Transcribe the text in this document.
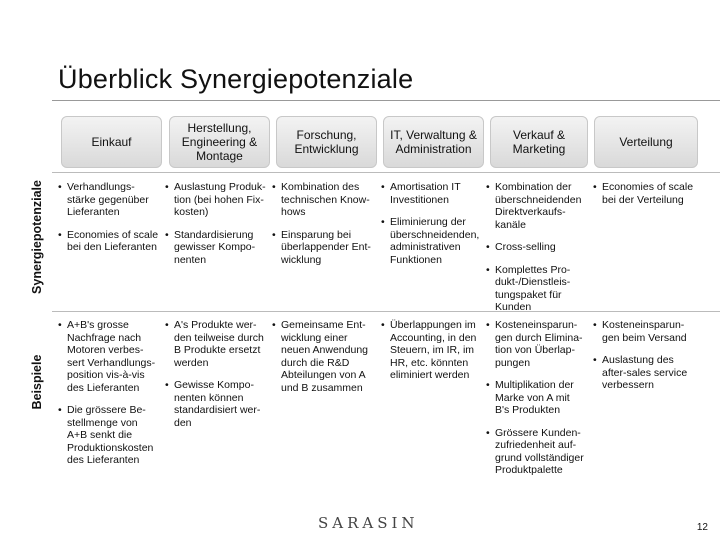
Überblick Synergiepotenziale
Einkauf
Herstellung, Engineering & Montage
Forschung, Entwicklung
IT, Verwaltung & Administration
Verkauf & Marketing	Verteilung
Synergiepotenziale
Beispiele
• Verhandlungs-
stärke gegenüber
Lieferanten
• Economies of scale
bei den Lieferanten
• Auslastung Produk-
tion (bei hohen Fix-
kosten)
• Standardisierung
gewisser Kompo-
nenten
• Kombination des
technischen Know-
hows
• Einsparung bei
überlappender Ent-
wicklung
• Amortisation IT
Investitionen
• Eliminierung der
überschneidenden,
administrativen
Funktionen
• Kombination der
überschneidenden
Direktverkaufs-
kanäle
• Cross-selling
• Komplettes Pro-
dukt-/Dienstleis-
tungspaket für
Kunden
• Economies of scale
bei der Verteilung
• A+B's grosse
Nachfrage nach
Motoren verbes-
sert Verhandlungs-
position vis-à-vis
des Lieferanten
• Die grössere Be-
stellmenge von
A+B senkt die
Produktionskosten
des Lieferanten
• A's Produkte wer-
den teilweise durch
B Produkte ersetzt
werden
• Gewisse Kompo-
nenten können
standardisiert wer-
den
• Gemeinsame Ent-
wicklung einer
neuen Anwendung
durch die R&D
Abteilungen von A
und B zusammen
• Überlappungen im
Accounting, in den
Steuern, im IR, im
HR, etc. könnten
eliminiert werden
• Kosteneinsparun-
gen durch Elimina-
tion von Überlap-
pungen
• Multiplikation der
Marke von A mit
B's Produkten
• Grössere Kunden-
zufriedenheit auf-
grund vollständiger
Produktpalette
• Kosteneinsparun-
gen beim Versand
• Auslastung des
after-sales service
verbessern
SARASIN	12
